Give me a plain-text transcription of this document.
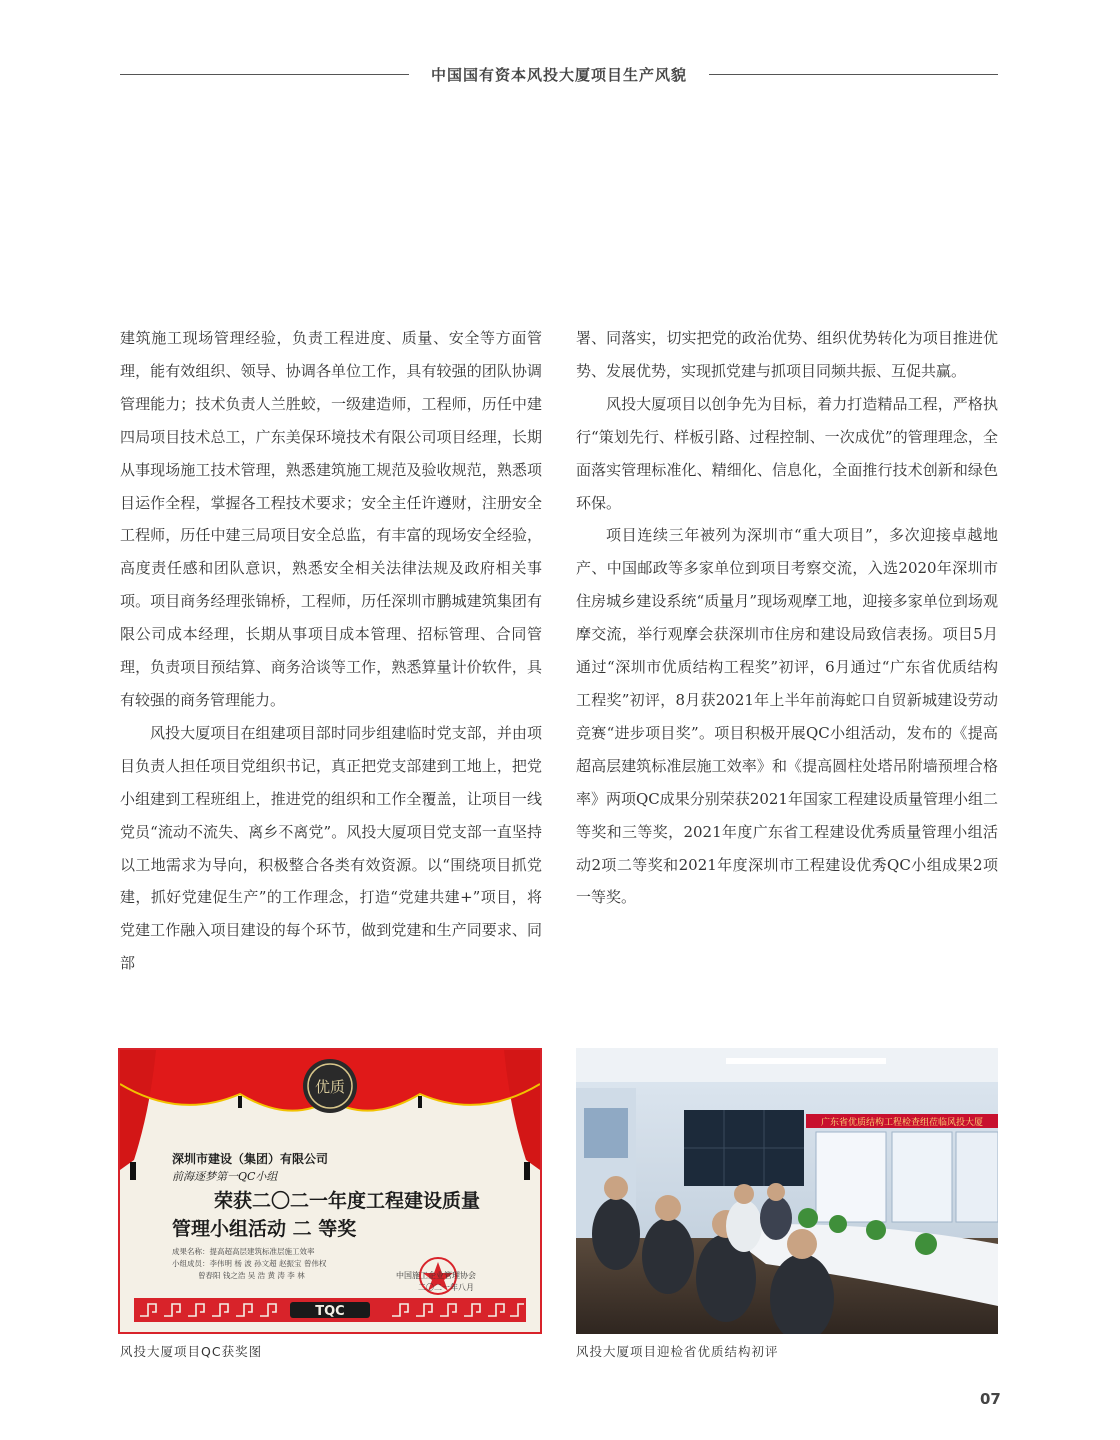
中国国有资本风投大厦项目生产风貌

建筑施工现场管理经验，负责工程进度、质量、安全等方面管理，能有效组织、领导、协调各单位工作，具有较强的团队协调管理能力；技术负责人兰胜蛟，一级建造师，工程师，历任中建四局项目技术总工，广东美保环境技术有限公司项目经理，长期从事现场施工技术管理，熟悉建筑施工规范及验收规范，熟悉项目运作全程，掌握各工程技术要求；安全主任许遵财，注册安全工程师，历任中建三局项目安全总监，有丰富的现场安全经验，高度责任感和团队意识，熟悉安全相关法律法规及政府相关事项。项目商务经理张锦桥，工程师，历任深圳市鹏城建筑集团有限公司成本经理，长期从事项目成本管理、招标管理、合同管理，负责项目预结算、商务洽谈等工作，熟悉算量计价软件，具有较强的商务管理能力。

风投大厦项目在组建项目部时同步组建临时党支部，并由项目负责人担任项目党组织书记，真正把党支部建到工地上，把党小组建到工程班组上，推进党的组织和工作全覆盖，让项目一线党员“流动不流失、离乡不离党”。风投大厦项目党支部一直坚持以工地需求为导向，积极整合各类有效资源。以“围绕项目抓党建，抓好党建促生产”的工作理念，打造“党建共建+”项目，将党建工作融入项目建设的每个环节，做到党建和生产同要求、同部

署、同落实，切实把党的政治优势、组织优势转化为项目推进优势、发展优势，实现抓党建与抓项目同频共振、互促共赢。

风投大厦项目以创争先为目标，着力打造精品工程，严格执行“策划先行、样板引路、过程控制、一次成优”的管理理念，全面落实管理标准化、精细化、信息化，全面推行技术创新和绿色环保。

项目连续三年被列为深圳市“重大项目”，多次迎接卓越地产、中国邮政等多家单位到项目考察交流，入选2020年深圳市住房城乡建设系统“质量月”现场观摩工地，迎接多家单位到场观摩交流，举行观摩会获深圳市住房和建设局致信表扬。项目5月通过“深圳市优质结构工程奖”初评，6月通过“广东省优质结构工程奖”初评，8月获2021年上半年前海蛇口自贸新城建设劳动竞赛“进步项目奖”。项目积极开展QC小组活动，发布的《提高超高层建筑标准层施工效率》和《提高圆柱处塔吊附墙预埋合格率》两项QC成果分别荣获2021年国家工程建设质量管理小组二等奖和三等奖，2021年度广东省工程建设优秀质量管理小组活动2项二等奖和2021年度深圳市工程建设优秀QC小组成果2项一等奖。

优质
TQC
深圳市建设（集团）有限公司
前海逐梦第一QC小组
荣获二〇二一年度工程建设质量
管理小组活动 二 等奖
成果名称：提高超高层建筑标准层施工效率
小组成员：李伟明 杨 波 孙文超 赵振宝 曾伟权
曾春阳 钱之浩 吴 浩 黄 涛 李 林	中国施工企业管理协会
二〇二一年八月
广东省优质结构工程检查组莅临风投大厦
风投大厦项目QC获奖图	风投大厦项目迎检省优质结构初评
07
